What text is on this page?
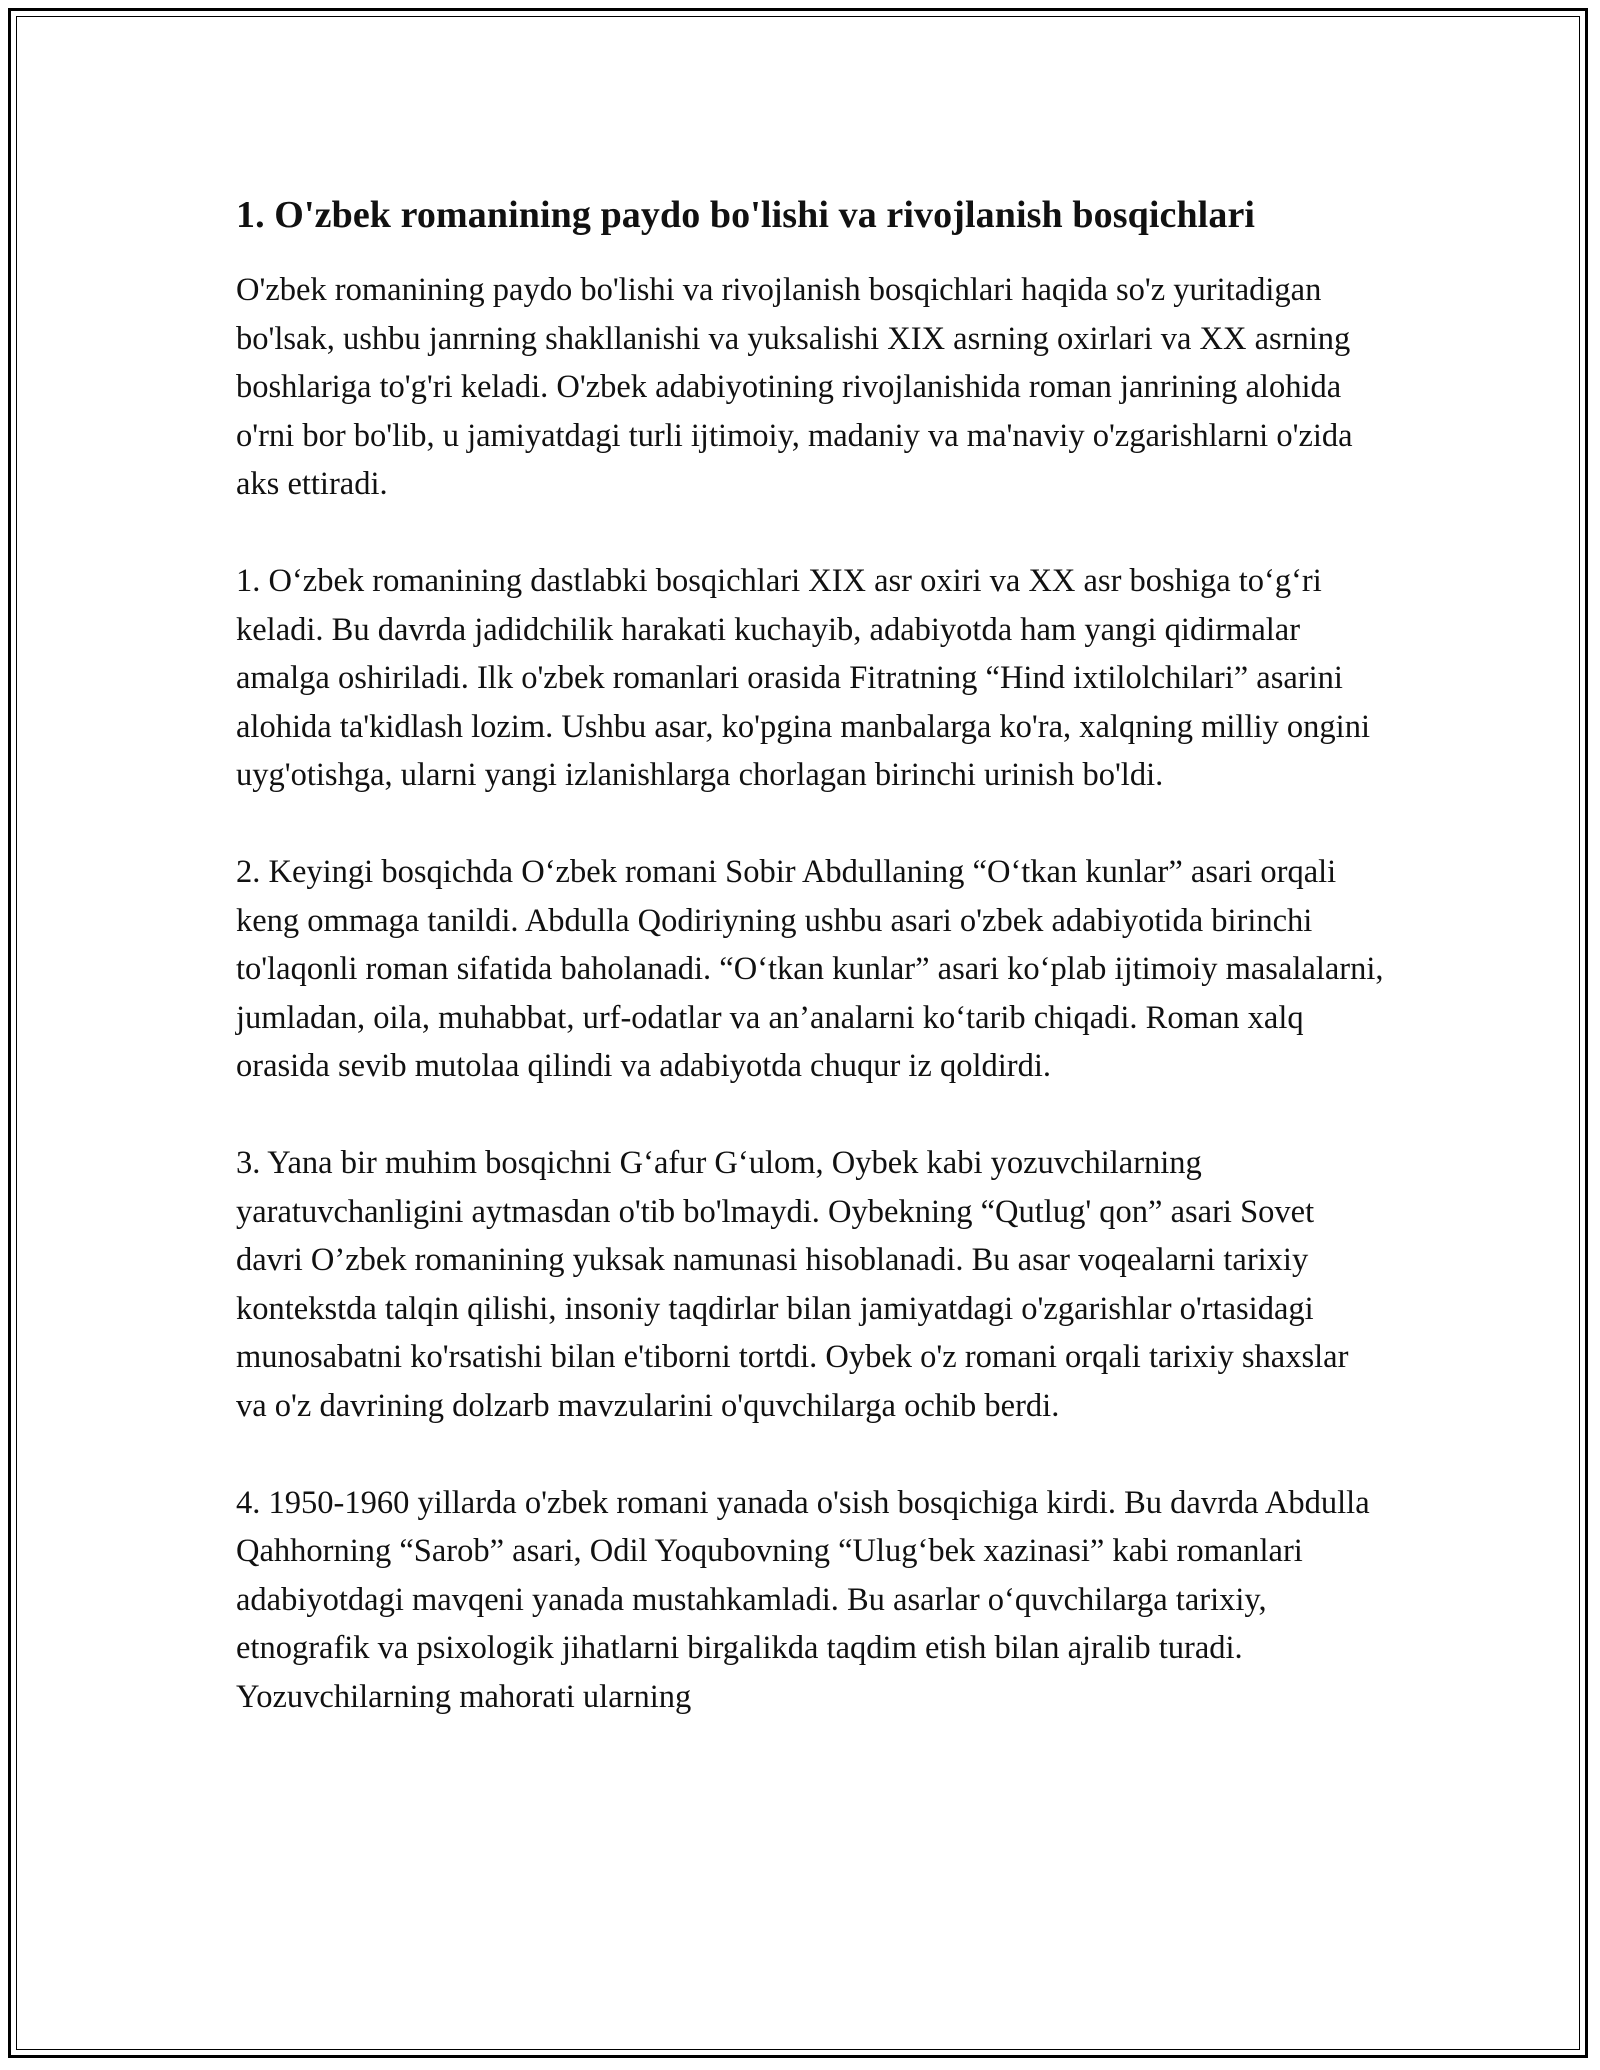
1. O'zbek romanining paydo bo'lishi va rivojlanish bosqichlari

O'zbek romanining paydo bo'lishi va rivojlanish bosqichlari haqida so'z yuritadigan bo'lsak, ushbu janrning shakllanishi va yuksalishi XIX asrning oxirlari va XX asrning boshlariga to'g'ri keladi. O'zbek adabiyotining rivojlanishida roman janrining alohida o'rni bor bo'lib, u jamiyatdagi turli ijtimoiy, madaniy va ma'naviy o'zgarishlarni o'zida aks ettiradi.

1. O‘zbek romanining dastlabki bosqichlari XIX asr oxiri va XX asr boshiga to‘g‘ri keladi. Bu davrda jadidchilik harakati kuchayib, adabiyotda ham yangi qidirmalar amalga oshiriladi. Ilk o'zbek romanlari orasida Fitratning “Hind ixtilolchilari” asarini alohida ta'kidlash lozim. Ushbu asar, ko'pgina manbalarga ko'ra, xalqning milliy ongini uyg'otishga, ularni yangi izlanishlarga chorlagan birinchi urinish bo'ldi.

2. Keyingi bosqichda O‘zbek romani Sobir Abdullaning “O‘tkan kunlar” asari orqali keng ommaga tanildi. Abdulla Qodiriyning ushbu asari o'zbek adabiyotida birinchi to'laqonli roman sifatida baholanadi. “O‘tkan kunlar” asari ko‘plab ijtimoiy masalalarni, jumladan, oila, muhabbat, urf-odatlar va an’analarni ko‘tarib chiqadi. Roman xalq orasida sevib mutolaa qilindi va adabiyotda chuqur iz qoldirdi.

3. Yana bir muhim bosqichni G‘afur G‘ulom, Oybek kabi yozuvchilarning yaratuvchanligini aytmasdan o'tib bo'lmaydi. Oybekning “Qutlug' qon” asari Sovet davri O’zbek romanining yuksak namunasi hisoblanadi. Bu asar voqealarni tarixiy kontekstda talqin qilishi, insoniy taqdirlar bilan jamiyatdagi o'zgarishlar o'rtasidagi munosabatni ko'rsatishi bilan e'tiborni tortdi. Oybek o'z romani orqali tarixiy shaxslar va o'z davrining dolzarb mavzularini o'quvchilarga ochib berdi.

4. 1950-1960 yillarda o'zbek romani yanada o'sish bosqichiga kirdi. Bu davrda Abdulla Qahhorning “Sarob” asari, Odil Yoqubovning “Ulug‘bek xazinasi” kabi romanlari adabiyotdagi mavqeni yanada mustahkamladi. Bu asarlar o‘quvchilarga tarixiy, etnografik va psixologik jihatlarni birgalikda taqdim etish bilan ajralib turadi. Yozuvchilarning mahorati ularning
